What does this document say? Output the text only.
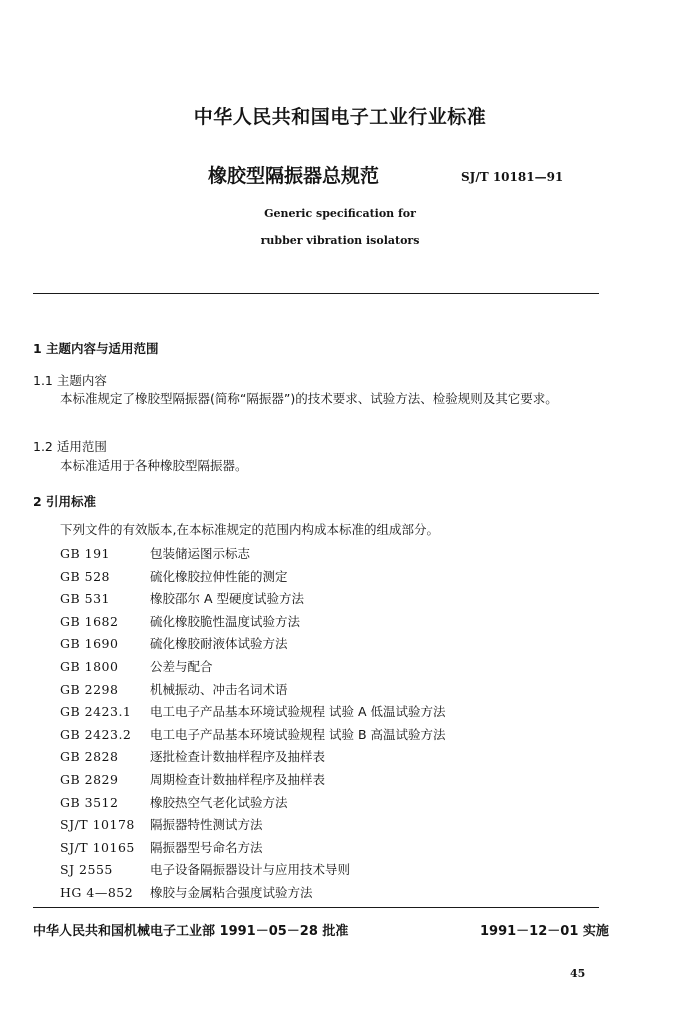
中华人民共和国电子工业行业标准
橡胶型隔振器总规范	SJ/T 10181—91
Generic specification for
rubber vibration isolators
1 主题内容与适用范围
1.1 主题内容

本标准规定了橡胶型隔振器(简称“隔振器”)的技术要求、试验方法、检验规则及其它要求。

1.2 适用范围
本标准适用于各种橡胶型隔振器。
2 引用标准
下列文件的有效版本,在本标准规定的范围内构成本标准的组成部分。
GB 191	包装储运图示标志
GB 528	硫化橡胶拉伸性能的测定
GB 531	橡胶邵尔 A 型硬度试验方法
GB 1682	硫化橡胶脆性温度试验方法
GB 1690	硫化橡胶耐液体试验方法
GB 1800	公差与配合
GB 2298	机械振动、冲击名词术语
GB 2423.1 电工电子产品基本环境试验规程 试验 A 低温试验方法
GB 2423.2 电工电子产品基本环境试验规程 试验 B 高温试验方法
GB 2828	逐批检查计数抽样程序及抽样表
GB 2829	周期检查计数抽样程序及抽样表
GB 3512	橡胶热空气老化试验方法
SJ/T 10178 隔振器特性测试方法
SJ/T 10165 隔振器型号命名方法
SJ 2555	电子设备隔振器设计与应用技术导则
HG 4—852 橡胶与金属粘合强度试验方法
中华人民共和国机械电子工业部 1991－05－28 批准	1991－12－01 实施
45
